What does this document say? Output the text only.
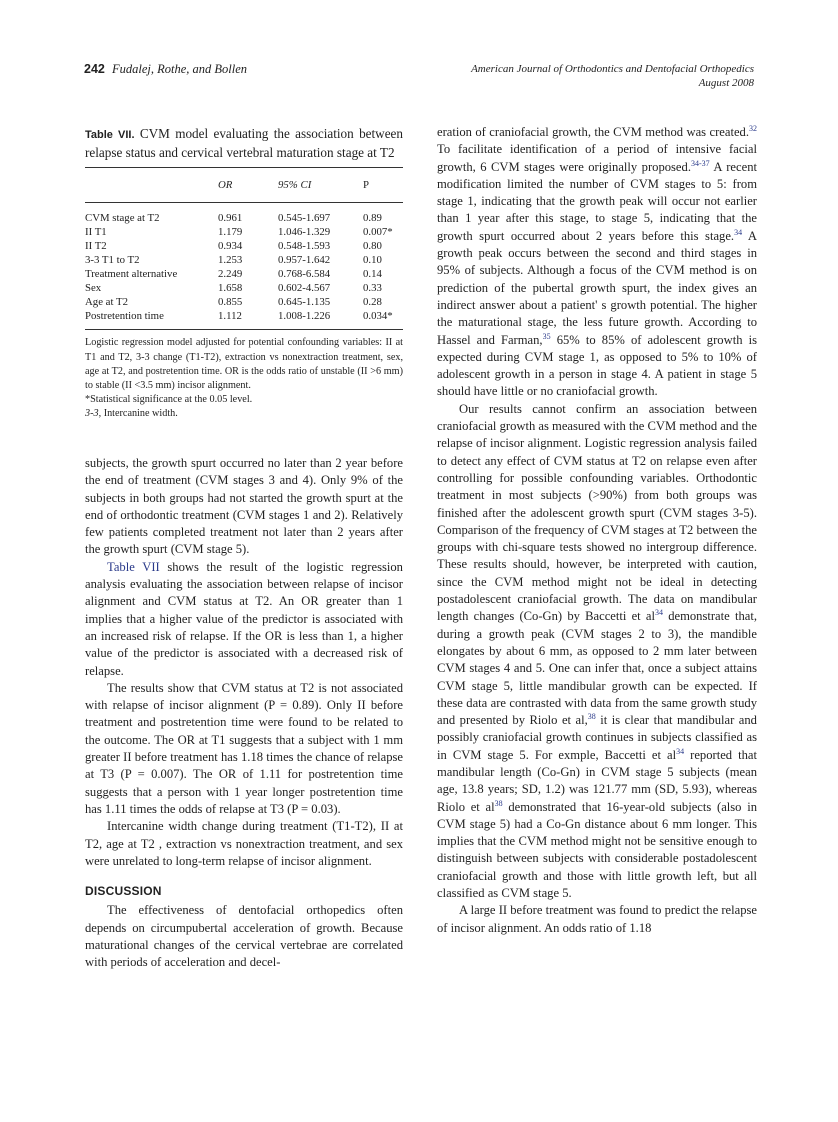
242 Fudalej, Rothe, and Bollen	American Journal of Orthodontics and Dentofacial Orthopedics
August 2008

Table VII. CVM model evaluating the association between relapse status and cervical vertebral maturation stage at T2

	OR	95% CI	P
CVM stage at T2	0.961	0.545-1.697	0.89
II T1	1.179	1.046-1.329	0.007*
II T2	0.934	0.548-1.593	0.80
3-3 T1 to T2	1.253	0.957-1.642	0.10
Treatment alternative	2.249	0.768-6.584	0.14
Sex	1.658	0.602-4.567	0.33
Age at T2	0.855	0.645-1.135	0.28
Postretention time	1.112	1.008-1.226	0.034*
Logistic regression model adjusted for potential confounding variables: II at T1 and T2, 3-3 change (T1-T2), extraction vs nonextraction treatment, sex, age at T2, and postretention time. OR is the odds ratio of unstable (II >6 mm) to stable (II <3.5 mm) incisor alignment.
*Statistical significance at the 0.05 level.
3-3, Intercanine width.

subjects, the growth spurt occurred no later than 2 year before the end of treatment (CVM stages 3 and 4). Only 9% of the subjects in both groups had not started the growth spurt at the end of orthodontic treatment (CVM stages 1 and 2). Relatively few patients completed treatment not later than 2 years after the growth spurt (CVM stage 5).

Table VII shows the result of the logistic regression analysis evaluating the association between relapse of incisor alignment and CVM status at T2. An OR greater than 1 implies that a higher value of the predictor is associated with an increased risk of relapse. If the OR is less than 1, a higher value of the predictor is associated with a decreased risk of relapse.

The results show that CVM status at T2 is not associated with relapse of incisor alignment (P = 0.89). Only II before treatment and postretention time were found to be related to the outcome. The OR at T1 suggests that a subject with 1 mm greater II before treatment has 1.18 times the chance of relapse at T3 (P = 0.007). The OR of 1.11 for postretention time suggests that a person with 1 year longer postretention time has 1.11 times the odds of relapse at T3 (P = 0.03).

Intercanine width change during treatment (T1-T2), II at T2, age at T2 , extraction vs nonextraction treatment, and sex were unrelated to long-term relapse of incisor alignment.

DISCUSSION

The effectiveness of dentofacial orthopedics often depends on circumpubertal acceleration of growth. Because maturational changes of the cervical vertebrae are correlated with periods of acceleration and decel-

eration of craniofacial growth, the CVM method was created.$^{32}$ To facilitate identification of a period of intensive facial growth, 6 CVM stages were originally proposed.$^{34-37}$ A recent modification limited the number of CVM stages to 5: from stage 1, indicating that the growth peak will occur not earlier than 1 year after this stage, to stage 5, indicating that the growth spurt occurred about 2 years before this stage.$^{34}$ A growth peak occurs between the second and third stages in 95% of subjects. Although a focus of the CVM method is on prediction of the pubertal growth spurt, the index gives an indirect answer about a patient' s growth potential. The higher the maturational stage, the less future growth. According to Hassel and Farman,$^{35}$ 65% to 85% of adolescent growth is expected during CVM stage 1, as opposed to 5% to 10% of adolescent growth in a person in stage 4. A patient in stage 5 should have little or no craniofacial growth.

Our results cannot confirm an association between craniofacial growth as measured with the CVM method and the relapse of incisor alignment. Logistic regression analysis failed to detect any effect of CVM status at T2 on relapse even after controlling for possible confounding variables. Orthodontic treatment in most subjects (>90%) from both groups was finished after the adolescent growth spurt (CVM stages 3-5). Comparison of the frequency of CVM stages at T2 between the groups with chi-square tests showed no intergroup difference. These results should, however, be interpreted with caution, since the CVM method might not be ideal in detecting postadolescent craniofacial growth. The data on mandibular length changes (Co-Gn) by Baccetti et $al^{34}$ demonstrate that, during a growth peak (CVM stages 2 to 3), the mandible elongates by about 6 mm, as opposed to 2 mm later between CVM stages 4 and 5. One can infer that, once a subject attains CVM stage 5, little mandibular growth can be expected. If these data are contrasted with data from the same growth study and presented by Riolo et al,$^{38}$ it is clear that mandibular and possibly craniofacial growth continues in subjects classified as in CVM stage 5. For exmple, Baccetti et $al^{34}$ reported that mandibular length (Co-Gn) in CVM stage 5 subjects (mean age, 13.8 years; SD, 1.2) was 121.77 mm (SD, 5.93), whereas Riolo et $al^{38}$ demonstrated that 16-year-old subjects (also in CVM stage 5) had a Co-Gn distance about 6 mm longer. This implies that the CVM method might not be sensitive enough to distinguish between subjects with considerable postadolescent craniofacial growth and those with little growth left, but all classified as CVM stage 5.

A large II before treatment was found to predict the relapse of incisor alignment. An odds ratio of 1.18
